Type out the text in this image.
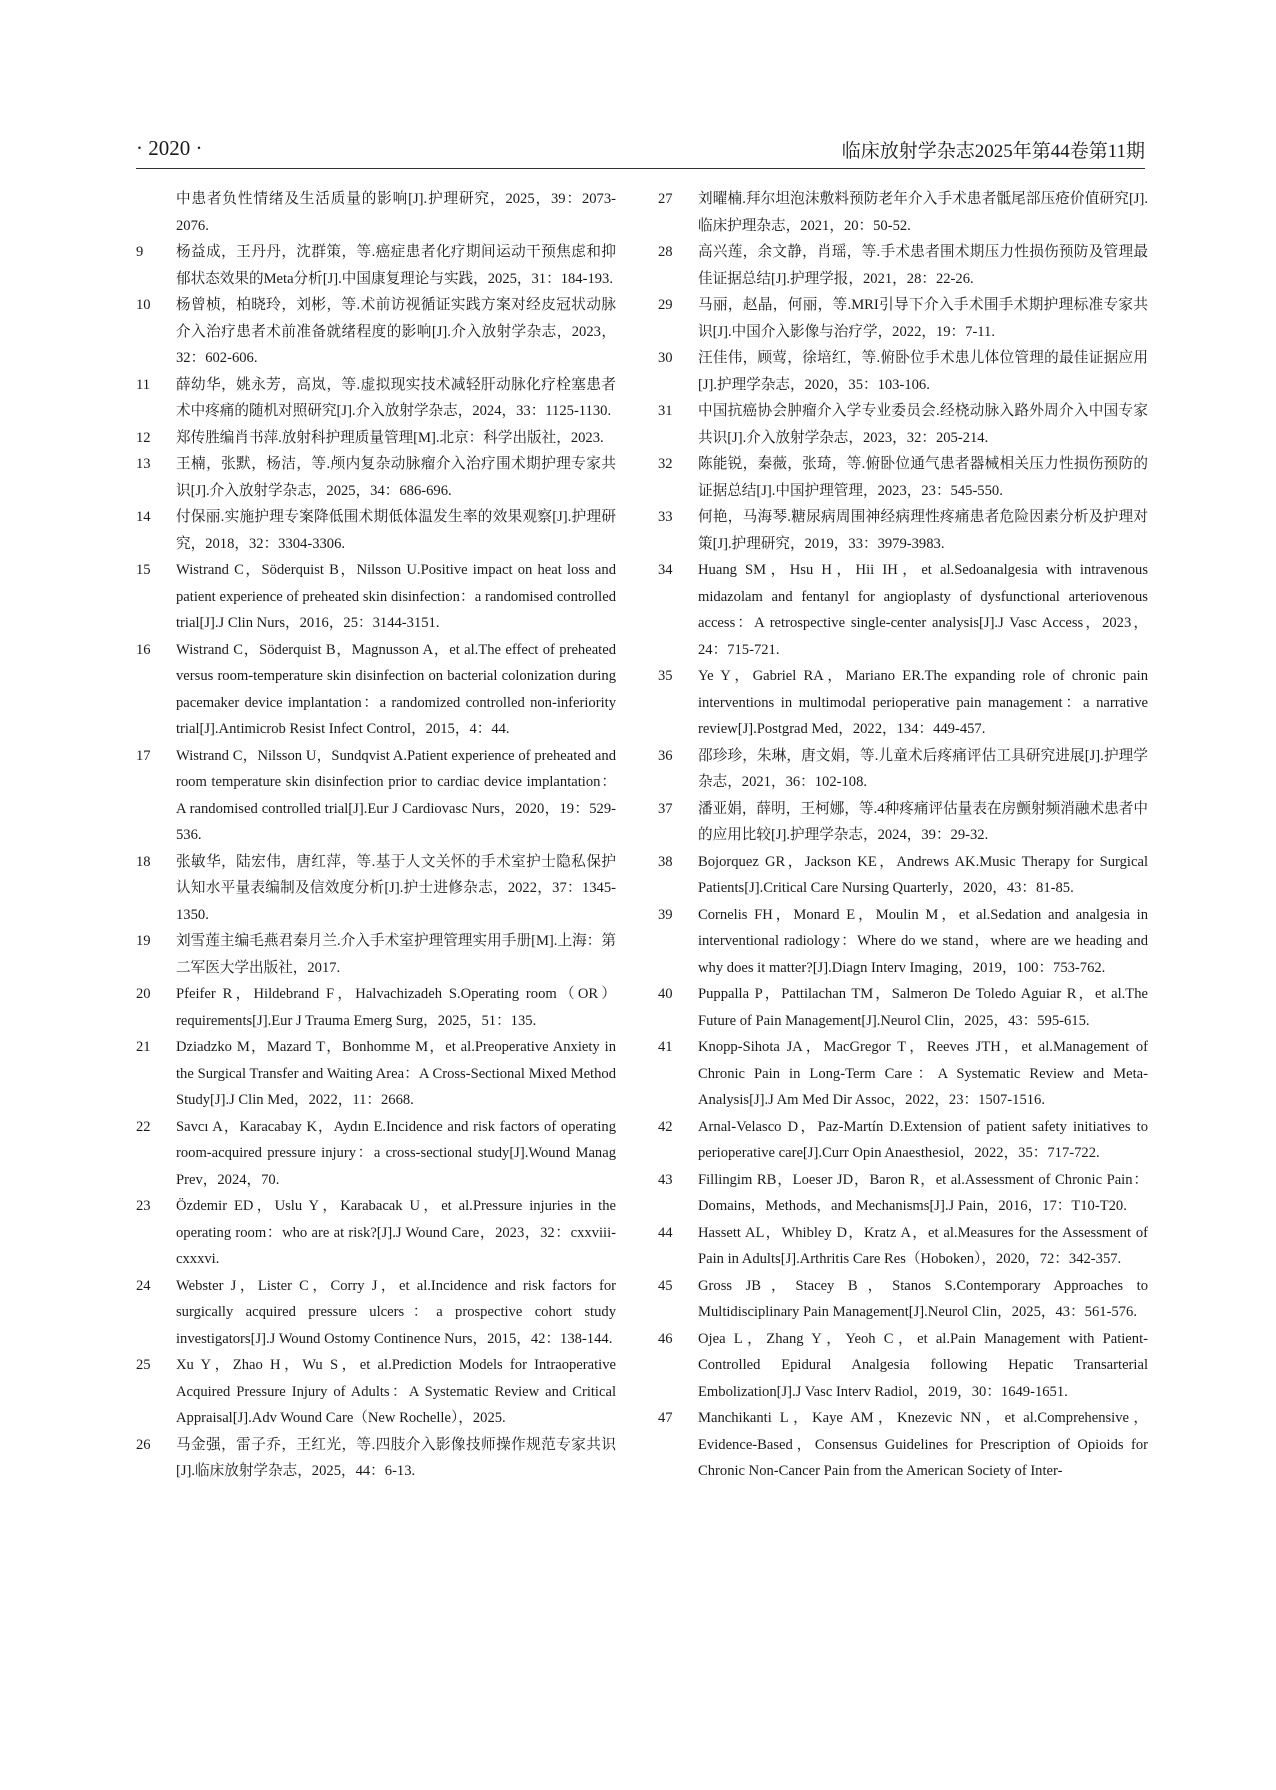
· 2020 ·	临床放射学杂志2025年第44卷第11期
中患者负性情绪及生活质量的影响[J].护理研究，2025，39：2073-2076.
9	杨益成，王丹丹，沈群策，等.癌症患者化疗期间运动干预焦虑和抑郁状态效果的Meta分析[J].中国康复理论与实践，2025，31：184-193.
10	杨曾桢，柏晓玲，刘彬，等.术前访视循证实践方案对经皮冠状动脉介入治疗患者术前准备就绪程度的影响[J].介入放射学杂志，2023，32：602-606.
11	薛幼华，姚永芳，高岚，等.虚拟现实技术减轻肝动脉化疗栓塞患者术中疼痛的随机对照研究[J].介入放射学杂志，2024，33：1125-1130.
12	郑传胜编肖书萍.放射科护理质量管理[M].北京：科学出版社，2023.
13	王楠，张默，杨洁，等.颅内复杂动脉瘤介入治疗围术期护理专家共识[J].介入放射学杂志，2025，34：686-696.
14	付保丽.实施护理专案降低围术期低体温发生率的效果观察[J].护理研究，2018，32：3304-3306.
15	Wistrand C，Söderquist B，Nilsson U.Positive impact on heat loss and patient experience of preheated skin disinfection：a randomised controlled trial[J].J Clin Nurs，2016，25：3144-3151.
16	Wistrand C，Söderquist B，Magnusson A，et al.The effect of preheated versus room-temperature skin disinfection on bacterial colonization during pacemaker device implantation：a randomized controlled non-inferiority trial[J].Antimicrob Resist Infect Control，2015，4：44.
17	Wistrand C，Nilsson U，Sundqvist A.Patient experience of preheated and room temperature skin disinfection prior to cardiac device implantation：A randomised controlled trial[J].Eur J Cardiovasc Nurs，2020，19：529-536.
18	张敏华，陆宏伟，唐红萍，等.基于人文关怀的手术室护士隐私保护认知水平量表编制及信效度分析[J].护士进修杂志，2022，37：1345-1350.
19	刘雪莲主编毛燕君秦月兰.介入手术室护理管理实用手册[M].上海：第二军医大学出版社，2017.
20	Pfeifer R，Hildebrand F，Halvachizadeh S.Operating room（OR）requirements[J].Eur J Trauma Emerg Surg，2025，51：135.
21	Dziadzko M，Mazard T，Bonhomme M，et al.Preoperative Anxiety in the Surgical Transfer and Waiting Area：A Cross-Sectional Mixed Method Study[J].J Clin Med，2022，11：2668.
22	Savcı A，Karacabay K，Aydın E.Incidence and risk factors of operating room-acquired pressure injury：a cross-sectional study[J].Wound Manag Prev，2024，70.
23	Özdemir ED，Uslu Y，Karabacak U，et al.Pressure injuries in the operating room：who are at risk?[J].J Wound Care，2023，32：cxxviii-cxxxvi.
24	Webster J，Lister C，Corry J，et al.Incidence and risk factors for surgically acquired pressure ulcers：a prospective cohort study investigators[J].J Wound Ostomy Continence Nurs，2015，42：138-144.
25	Xu Y，Zhao H，Wu S，et al.Prediction Models for Intraoperative Acquired Pressure Injury of Adults：A Systematic Review and Critical Appraisal[J].Adv Wound Care（New Rochelle），2025.
26	马金强，雷子乔，王红光，等.四肢介入影像技师操作规范专家共识[J].临床放射学杂志，2025，44：6-13.
27	刘曜楠.拜尔坦泡沫敷料预防老年介入手术患者骶尾部压疮价值研究[J].临床护理杂志，2021，20：50-52.
28	高兴莲，余文静，肖瑶，等.手术患者围术期压力性损伤预防及管理最佳证据总结[J].护理学报，2021，28：22-26.
29	马丽，赵晶，何丽，等.MRI引导下介入手术围手术期护理标准专家共识[J].中国介入影像与治疗学，2022，19：7-11.
30	汪佳伟，顾莺，徐培红，等.俯卧位手术患儿体位管理的最佳证据应用[J].护理学杂志，2020，35：103-106.
31	中国抗癌协会肿瘤介入学专业委员会.经桡动脉入路外周介入中国专家共识[J].介入放射学杂志，2023，32：205-214.
32	陈能锐，秦薇，张琦，等.俯卧位通气患者器械相关压力性损伤预防的证据总结[J].中国护理管理，2023，23：545-550.
33	何艳，马海琴.糖尿病周围神经病理性疼痛患者危险因素分析及护理对策[J].护理研究，2019，33：3979-3983.
34	Huang SM，Hsu H，Hii IH，et al.Sedoanalgesia with intravenous midazolam and fentanyl for angioplasty of dysfunctional arteriovenous access：A retrospective single-center analysis[J].J Vasc Access，2023，24：715-721.
35	Ye Y，Gabriel RA，Mariano ER.The expanding role of chronic pain interventions in multimodal perioperative pain management：a narrative review[J].Postgrad Med，2022，134：449-457.
36	邵珍珍，朱琳，唐文娟，等.儿童术后疼痛评估工具研究进展[J].护理学杂志，2021，36：102-108.
37	潘亚娟，薛明，王柯娜，等.4种疼痛评估量表在房颤射频消融术患者中的应用比较[J].护理学杂志，2024，39：29-32.
38	Bojorquez GR，Jackson KE，Andrews AK.Music Therapy for Surgical Patients[J].Critical Care Nursing Quarterly，2020，43：81-85.
39	Cornelis FH，Monard E，Moulin M，et al.Sedation and analgesia in interventional radiology：Where do we stand，where are we heading and why does it matter?[J].Diagn Interv Imaging，2019，100：753-762.
40	Puppalla P，Pattilachan TM，Salmeron De Toledo Aguiar R，et al.The Future of Pain Management[J].Neurol Clin，2025，43：595-615.
41	Knopp-Sihota JA，MacGregor T，Reeves JTH，et al.Management of Chronic Pain in Long-Term Care：A Systematic Review and Meta-Analysis[J].J Am Med Dir Assoc，2022，23：1507-1516.
42	Arnal-Velasco D，Paz-Martín D.Extension of patient safety initiatives to perioperative care[J].Curr Opin Anaesthesiol，2022，35：717-722.
43	Fillingim RB，Loeser JD，Baron R，et al.Assessment of Chronic Pain：Domains，Methods，and Mechanisms[J].J Pain，2016，17：T10-T20.
44	Hassett AL，Whibley D，Kratz A，et al.Measures for the Assessment of Pain in Adults[J].Arthritis Care Res（Hoboken），2020，72：342-357.
45	Gross JB，Stacey B，Stanos S.Contemporary Approaches to Multidisciplinary Pain Management[J].Neurol Clin，2025，43：561-576.
46	Ojea L，Zhang Y，Yeoh C，et al.Pain Management with Patient-Controlled Epidural Analgesia following Hepatic Transarterial Embolization[J].J Vasc Interv Radiol，2019，30：1649-1651.
47	Manchikanti L，Kaye AM，Knezevic NN，et al.Comprehensive，Evidence-Based，Consensus Guidelines for Prescription of Opioids for Chronic Non-Cancer Pain from the American Society of Inter-
